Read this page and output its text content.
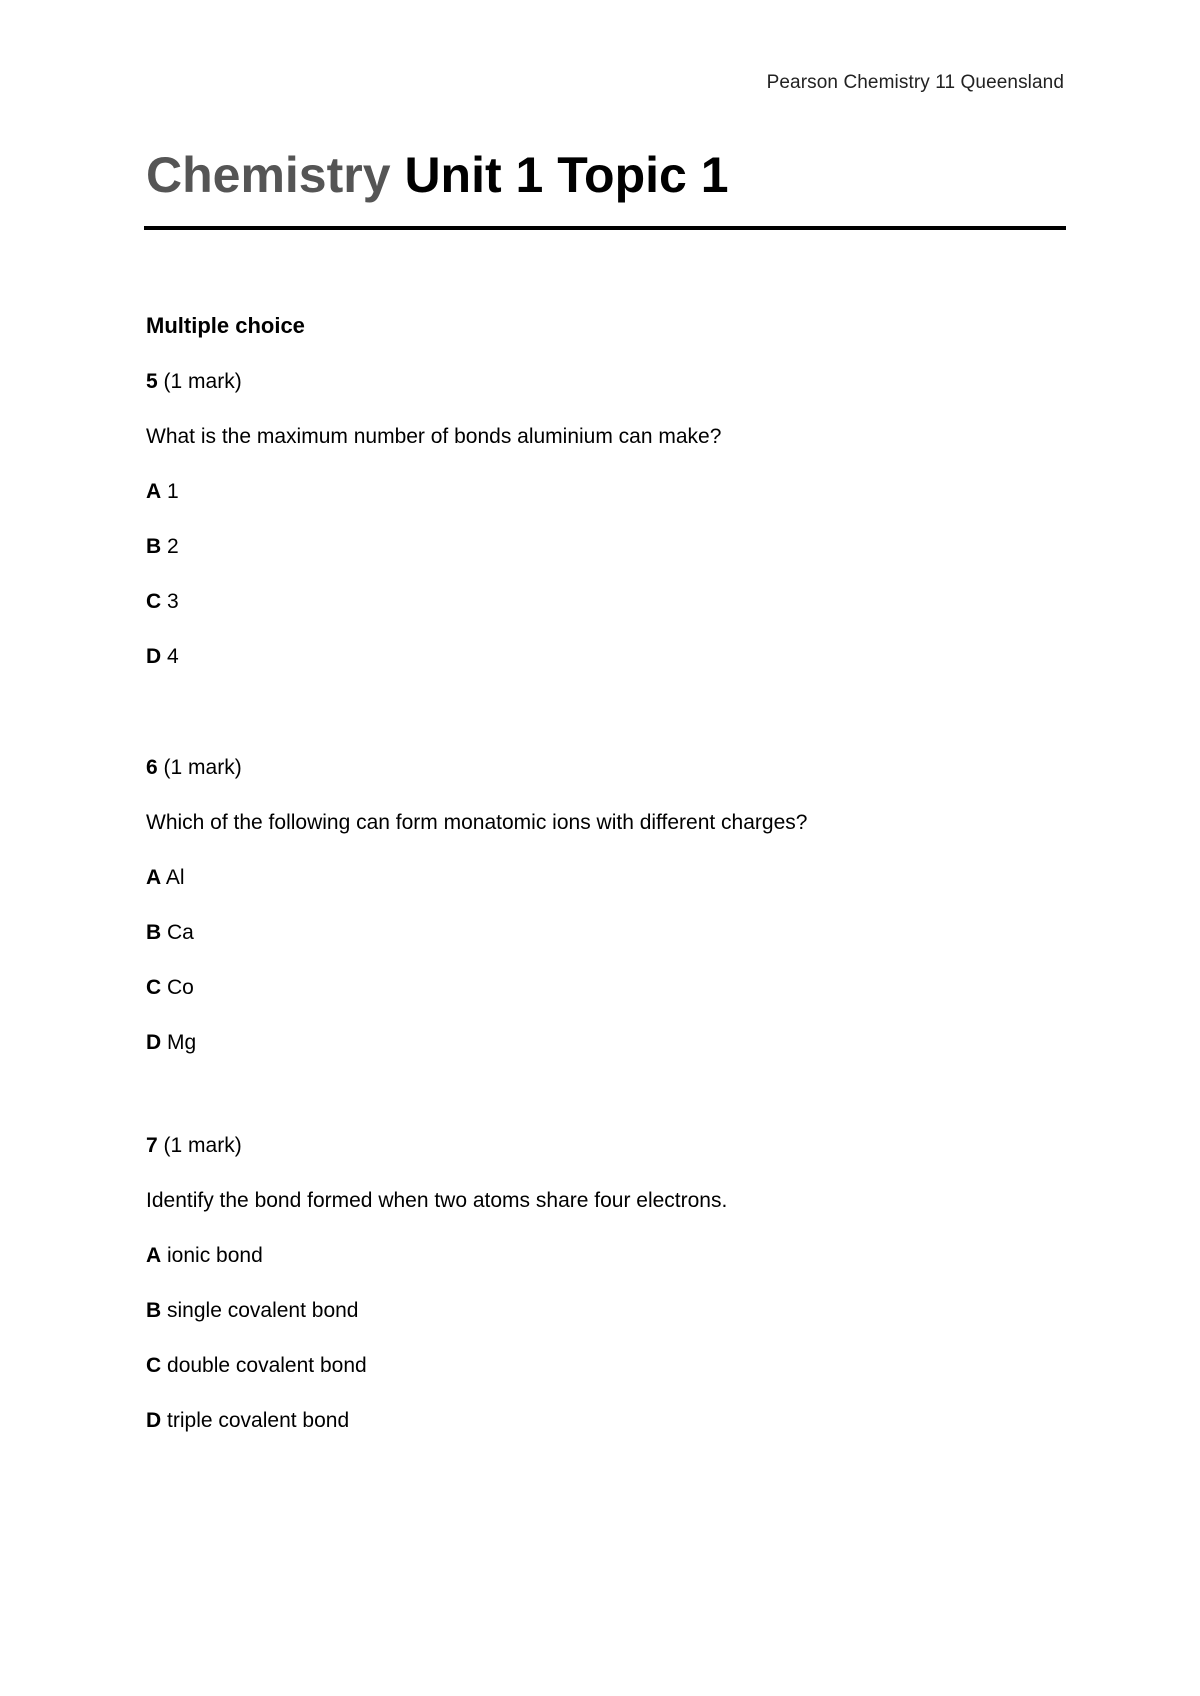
Pearson Chemistry 11 Queensland
Chemistry Unit 1 Topic 1
Multiple choice
5 (1 mark)
What is the maximum number of bonds aluminium can make?
A 1
B 2
C 3
D 4
6 (1 mark)
Which of the following can form monatomic ions with different charges?
A Al
B Ca
C Co
D Mg
7 (1 mark)
Identify the bond formed when two atoms share four electrons.
A ionic bond
B single covalent bond
C double covalent bond
D triple covalent bond
